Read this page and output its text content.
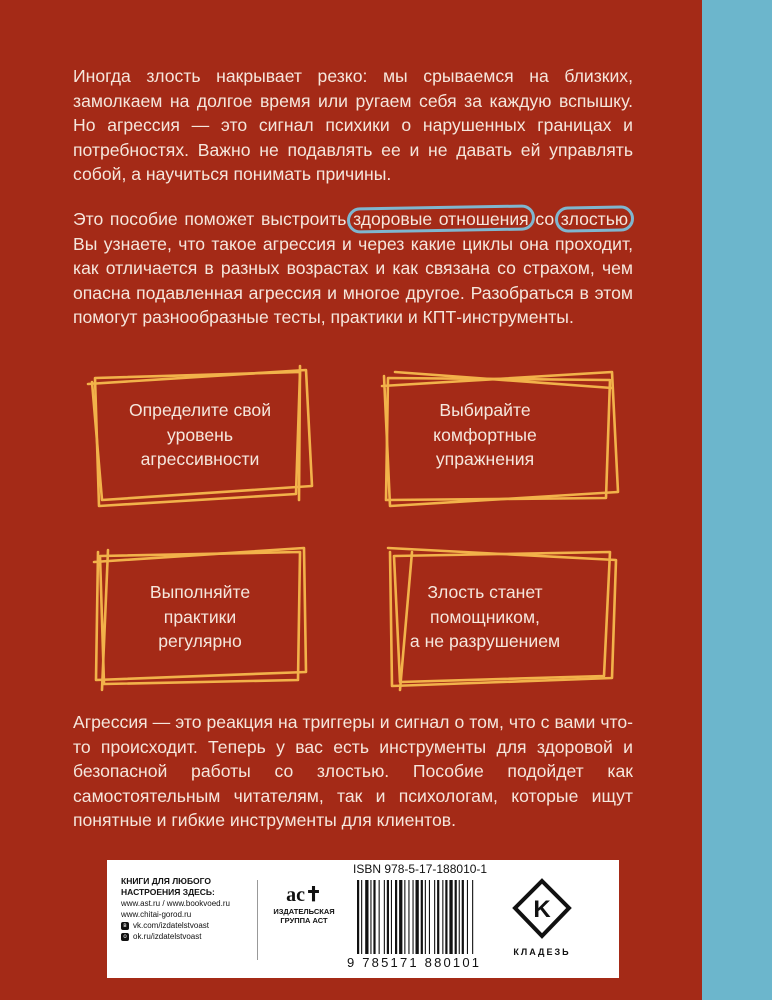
Иногда злость накрывает резко: мы срываемся на близких, замолкаем на долгое время или ругаем себя за каждую вспышку. Но агрессия — это сигнал психики о нарушенных границах и потребностях. Важно не подавлять ее и не давать ей управлять собой, а научиться понимать причины.

Это пособие поможет выстроить здоровые отношения со злостью. Вы узнаете, что такое агрессия и через какие циклы она проходит, как отличается в разных возрастах и как связана со страхом, чем опасна подавленная агрессия и многое другое. Разобраться в этом помогут разнообразные тесты, практики и КПТ-инструменты.

Определите свой
уровень
агрессивности
Выбирайте
комфортные
упражнения
Выполняйте
практики
регулярно
Злость станет
помощником,
а не разрушением

Агрессия — это реакция на триггеры и сигнал о том, что с вами что-то происходит. Теперь у вас есть инструменты для здоровой и безопасной работы со злостью. Пособие подойдет как самостоятельным читателям, так и психологам, которые ищут понятные и гибкие инструменты для клиентов.

КНИГИ ДЛЯ ЛЮБОГО
НАСТРОЕНИЯ ЗДЕСЬ:
www.ast.ru / www.bookvoed.ru
www.chitai-gorod.ru
в vk.com/izdatelstvoast
о ok.ru/izdatelstvoast
ac✝
ИЗДАТЕЛЬСКАЯ
ГРУППА АСТ
ISBN 978-5-17-188010-1
9 785171 880101
K
КЛАДЕЗЬ
